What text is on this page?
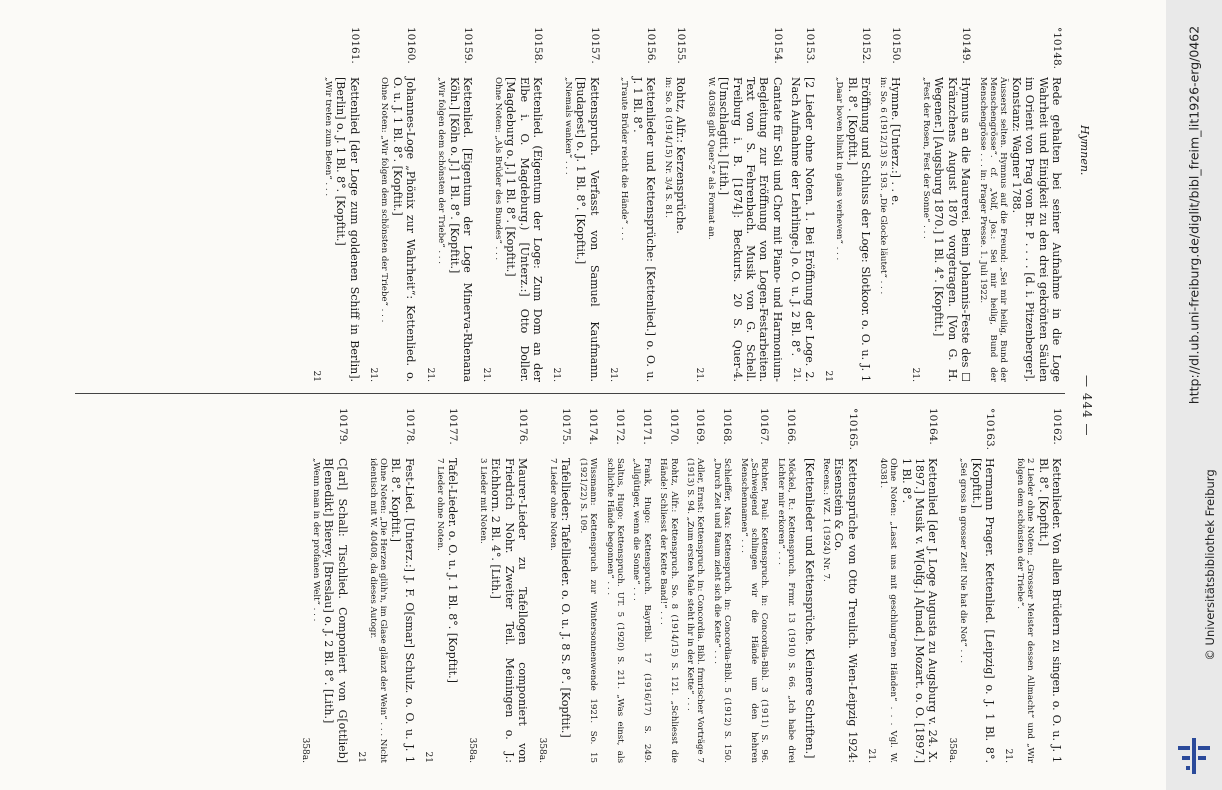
Hymnen.
— 444 —
°10148.
Rede gehalten bei seiner Aufnahme in die Loge Wahrheit und Einigkeit zu den drei gekrönten Säulen im Orient von Prag von Br. P . . . . [d. i. Pitzenberger]. Konstanz: Wagner 1788.
Äusserst selten. Hymnus auf die Freund: „Sei mir heilig, Bund der Menschengrösse“. cf. „Volf, Jos.: Sei mir heilig, Bund der Menschengrösse . . . in: Prager Presse. 1. Juli 1922.
10149.
Hymnus an die Maurerei. Beim Johannis-Feste des ☐ Kränzchens August 1870 vorgetragen. [Von G. H. Wegener.] [Augsburg 1870.] 1 Bl. 4°. [Kopftit.]
„Fest der Rosen, Fest der Sonne“ . . .
21.
10150.
Hymne. [Unterz.:] . . e.
in: So. 6 (1912/13) S. 193. „Die Glocke läutet“ . . .
10152.
Eröffnung und Schluss der Loge: Slotkoor. o. O. u. J. 1 Bl. 8°. [Kopftit.]
„Daar boven blinkt in glans verheven“ . . .
21
10153.
[2 Lieder ohne Noten. 1. Bei Eröffnung der Loge. 2. Nach Aufnahme der Lehrlinge.] o. O. u. J. 2 Bl. 8°.
21.
10154.
Cantate für Soli und Chor mit Piano- und Harmonium-Begleitung zur Eröffnung von Logen-Festarbeiten. Text von S. Fehrenbach. Musik von G. Schell. Freiburg i. B. [1874]: Beckurts. 20 S. Quer-4. [Umschlagtit.] [Lith.]
W. 40368 gibt Quer-2° als Format an.
21.
10155.
Rohtz, Alfr.: Kerzensprüche.
in: So. 8 (1914/15) Nr. 3/4 S. 81.
10156.
Kettenlieder und Kettensprüche: [Kettenlied.] o. O. u. J. 1 Bl. 8°.
„Traute Brüder reicht die Hände“ . . .
21.
10157.
Kettenspruch. Verfasst von Samuel Kaufmann. [Budapest] o. J. 1 Bl. 8°. [Kopftit.]
„Niemals wanken“ . . .
21.
10158.
Kettenlied. (Eigentum der Loge: Zum Dom an der Elbe i. O. Magdeburg.) [Unterz.:] Otto Doller. [Magdeburg o. J.] 1 Bl. 8°. [Kopftit.]
Ohne Noten: „Als Brüder des Bundes“ . . .
21.
10159.
Kettenlied. [Eigentum der Loge Minerva-Rhenana Köln.] [Köln o. J.] 1 Bl. 8°. [Kopftit.]
„Wir folgen dem schönsten der Triebe“ . . .
21.
10160.
Johannes-Loge „Phönix zur Wahrheit“: Kettenlied. o. O. u. J. 1 Bl. 8°. [Kopftit.]
Ohne Noten: „Wir folgen dem schönsten der Triebe“ . . .
21.
10161.
Kettenlied [der Loge zum goldenen Schiff in Berlin]. [Berlin] o. J. 1 Bl. 8°. [Kopftit.]
„Wir treten zum Beten“ . . .
21
10162.
Kettenlieder. Von allen Brüdern zu singen. o. O. u. J. 1 Bl. 8°. [Kopftit.]
2 Lieder ohne Noten: „Grosser Meister dessen Allmacht“ und „Wir folgen dem schönsten der Triebe“.
21.
°10163.
Hermann Prager. Kettenlied. [Leipzig] o. J. 1 Bl. 8°. [Kopftit.]
„Sei gross in grosser Zeit! Nie hat die Not“ . . .
358a.
10164.
Kettenlied [der J. Loge Augusta zu Augsburg v. 24. X. 1897.] Musik v. W[olfg.] A[mad.] Mozart. o. O. [1897.] 1 Bl. 8°.
Ohne Noten: „Lasst uns mit geschlung'nen Händen“ . . . Vgl. W. 40381.
21.
°10165.
Kettensprüche von Otto Treulich. Wien-Leipzig 1924: Eisenstein & Co.
Recens.: WZ. 1 (1924) Nr. 7.
[Kettenlieder und Kettensprüche. Kleinere Schriften.]
10166.
Möckel, R.: Kettenspruch. Frmr. 13 (1910) S. 66. „Ich habe drei Lichter mir erkoren“ . . .
10167.
Richter, Paul: Kettenspruch. in: Concordia-Bibl. 3 (1911) S. 96. „Schweigend schlingen wir die Hände um den hehren Menschennamen“ . . .
10168.
Schleiffer, Max: Kettenspruch. in: Concordia-Bibl. 5 (1912) S. 150. „Durch Zeit und Raum zieht sich die Kette“ . . .
10169.
Adler, Ernst: Kettenspruch. in: Concordia. Bibl. frmrischer Vorträge 7 (1913) S. 94. „Zum ersten Male steht ihr in der Kette“ . . .
10170.
Rohtz, Alfr.: Kettenspruch. So. 8 (1914/15) S. 121. „Schliesst die Hände! Schliesst der Kette Band!“ . . .
10171.
Frank, Hugo: Kettenspruch. BayrBbl. 17 (1916/17) S. 249. „Allgütiger, wenn die Sonne“ . . .
10172.
Saltus, Hugo: Kettenspruch. UT. 5 (1920) S. 211. „Was einst, als schlichte Hände begonnen“ . . .
10174.
Wissmann: Kettenspruch zur Wintersonnenwende 1921. So. 15 (1921/22) S. 109.
10175.
Tafellieder: Tafellieder. o. O. u. J. 8 S. 8°. [Kopftit.]
7 Lieder ohne Noten.
358a.
10176.
Maurer-Lieder zu Tafellogen componiert von Friedrich Nohr. Zweiter Teil. Meiningen o. J.: Eichhorn. 2 Bl. 4°. [Lith.]
3 Lieder mit Noten.
358a.
10177.
Tafel-Lieder. o. O. u. J. 1 Bl. 8°. [Kopftit.]
7 Lieder ohne Noten.
21
10178.
Fest-Lied. [Unterz.:] J. F. O[smar] Schulz. o. O. u. J. 1 Bl. 8°. Kopftit.]
Ohne Noten: „Die Herzen glüh'n, im Glase glänzt der Wein“ . . . Nicht identisch mit W. 40408, da dieses Autogr.
21
10179.
C[arl] Schall: Tischlied. Componiert von G[ottlieb] B[enedikt] Bierey. [Breslau] o. J. 2 Bl. 8°. [Lith.]
„Wenn man in der profanen Welt“ . . .
358a.
http://dl.ub.uni-freiburg.de/diglit/bibl_freim_lit1926-erg/0462
© Universitätsbibliothek Freiburg
